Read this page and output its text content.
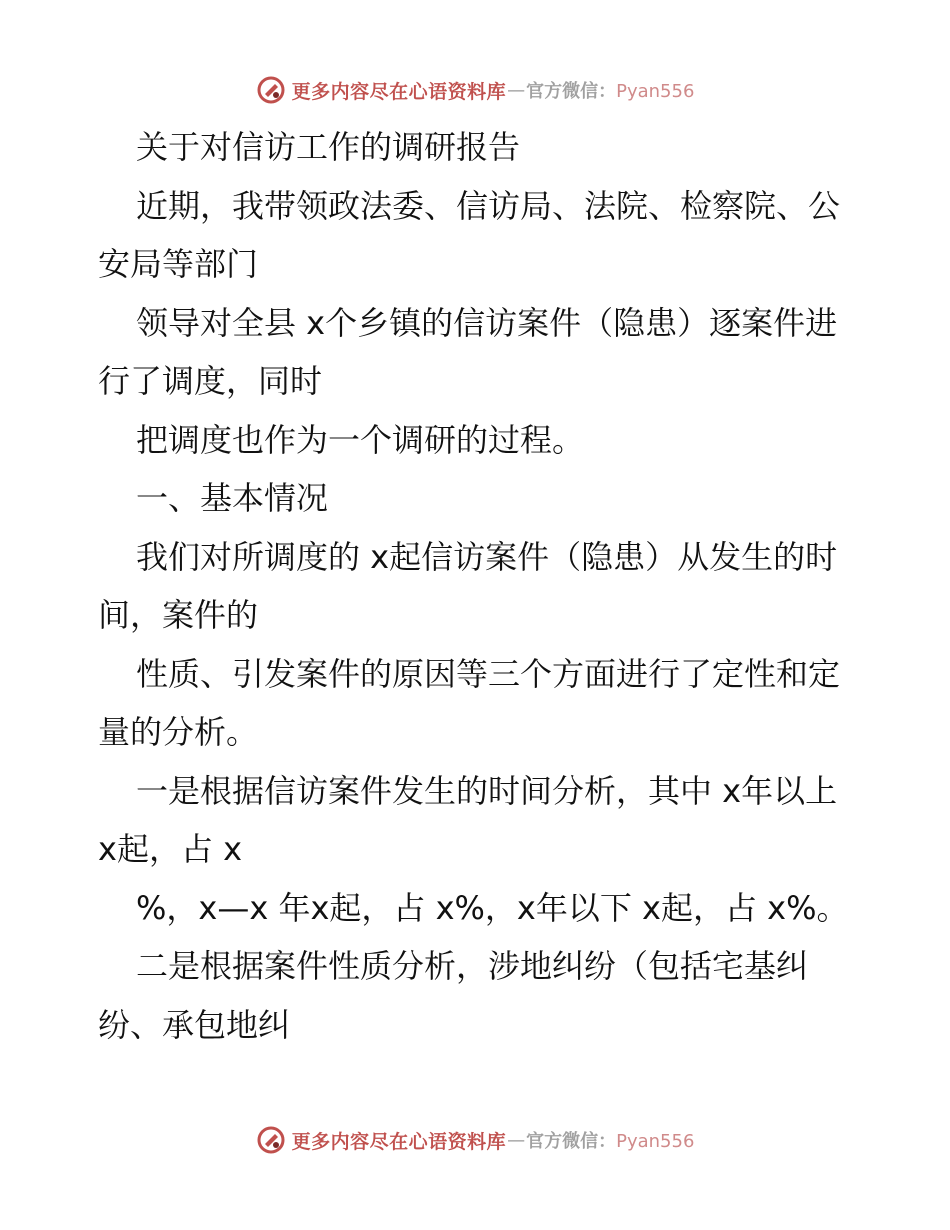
更多内容尽在心语资料库 — 官方微信：Pyan556

关于对信访工作的调研报告

近期，我带领政法委、信访局、法院、检察院、公安局等部门

领导对全县 x个乡镇的信访案件（隐患）逐案件进行了调度，同时

把调度也作为一个调研的过程。

一、基本情况

我们对所调度的 x起信访案件（隐患）从发生的时间，案件的

性质、引发案件的原因等三个方面进行了定性和定量的分析。

一是根据信访案件发生的时间分析，其中 x年以上 x起，占 x

%，x—x 年x起，占 x%，x年以下 x起，占 x%。

二是根据案件性质分析，涉地纠纷（包括宅基纠纷、承包地纠

更多内容尽在心语资料库 — 官方微信：Pyan556
